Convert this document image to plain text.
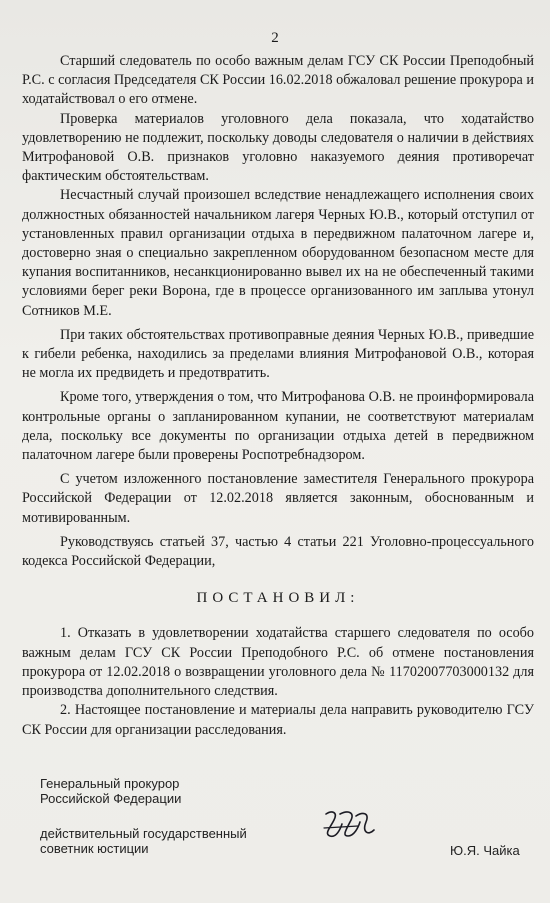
2

Старший следователь по особо важным делам ГСУ СК России Преподобный Р.С. с согласия Председателя СК России 16.02.2018 обжаловал решение прокурора и ходатайствовал о его отмене.

Проверка материалов уголовного дела показала, что ходатайство удовлетворению не подлежит, поскольку доводы следователя о наличии в действиях Митрофановой О.В. признаков уголовно наказуемого деяния противоречат фактическим обстоятельствам.

Несчастный случай произошел вследствие ненадлежащего исполнения своих должностных обязанностей начальником лагеря Черных Ю.В., который отступил от установленных правил организации отдыха в передвижном палаточном лагере и, достоверно зная о специально закрепленном оборудованном безопасном месте для купания воспитанников, несанкционированно вывел их на не обеспеченный такими условиями берег реки Ворона, где в процессе организованного им заплыва утонул Сотников М.Е.

При таких обстоятельствах противоправные деяния Черных Ю.В., приведшие к гибели ребенка, находились за пределами влияния Митрофановой О.В., которая не могла их предвидеть и предотвратить.

Кроме того, утверждения о том, что Митрофанова О.В. не проинформировала контрольные органы о запланированном купании, не соответствуют материалам дела, поскольку все документы по организации отдыха детей в передвижном палаточном лагере были проверены Роспотребнадзором.

С учетом изложенного постановление заместителя Генерального прокурора Российской Федерации от 12.02.2018 является законным, обоснованным и мотивированным.

Руководствуясь статьей 37, частью 4 статьи 221 Уголовно-процессуального кодекса Российской Федерации,

ПОСТАНОВИЛ:

1. Отказать в удовлетворении ходатайства старшего следователя по особо важным делам ГСУ СК России Преподобного Р.С. об отмене постановления прокурора от 12.02.2018 о возвращении уголовного дела № 11702007703000132 для производства дополнительного следствия.

2. Настоящее постановление и материалы дела направить руководителю ГСУ СК России для организации расследования.

Генеральный прокурор
Российской Федерации
действительный государственный
советник юстиции	Ю.Я. Чайка
